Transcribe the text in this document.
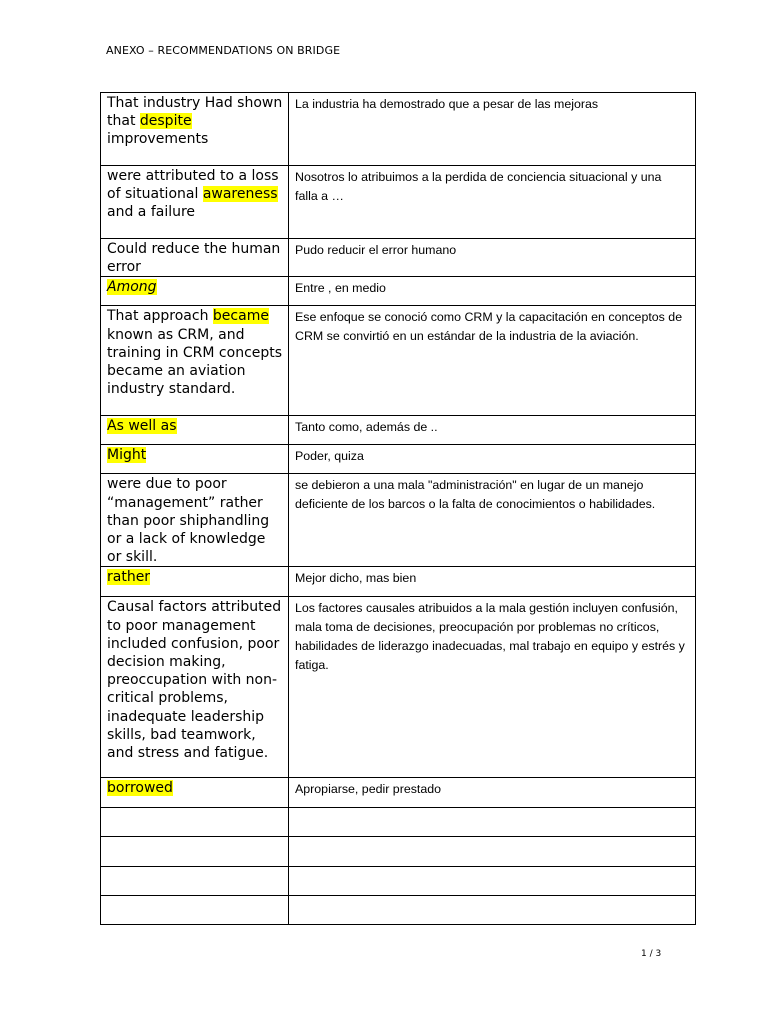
ANEXO – RECOMMENDATIONS ON BRIDGE
That industry Had shown that despite improvements	La industria ha demostrado que a pesar de las mejoras
were attributed to a loss of situational awareness and a failure	Nosotros lo atribuimos a la perdida de conciencia situacional y una falla a …
Could reduce the human error	Pudo reducir el error humano
Among	Entre , en medio
That approach became known as CRM, and training in CRM concepts became an aviation industry standard.	Ese enfoque se conoció como CRM y la capacitación en conceptos de CRM se convirtió en un estándar de la industria de la aviación.
As well as	Tanto como, además de ..
Might	Poder, quiza
were due to poor “management” rather than poor shiphandling or a lack of knowledge or skill.	se debieron a una mala "administración" en lugar de un manejo deficiente de los barcos o la falta de conocimientos o habilidades.
rather	Mejor dicho, mas bien
Causal factors attributed to poor management included confusion, poor decision making, preoccupation with non-critical problems, inadequate leadership skills, bad teamwork, and stress and fatigue.	Los factores causales atribuidos a la mala gestión incluyen confusión, mala toma de decisiones, preocupación por problemas no críticos, habilidades de liderazgo inadecuadas, mal trabajo en equipo y estrés y fatiga.
borrowed	Apropiarse, pedir prestado

1 / 3
